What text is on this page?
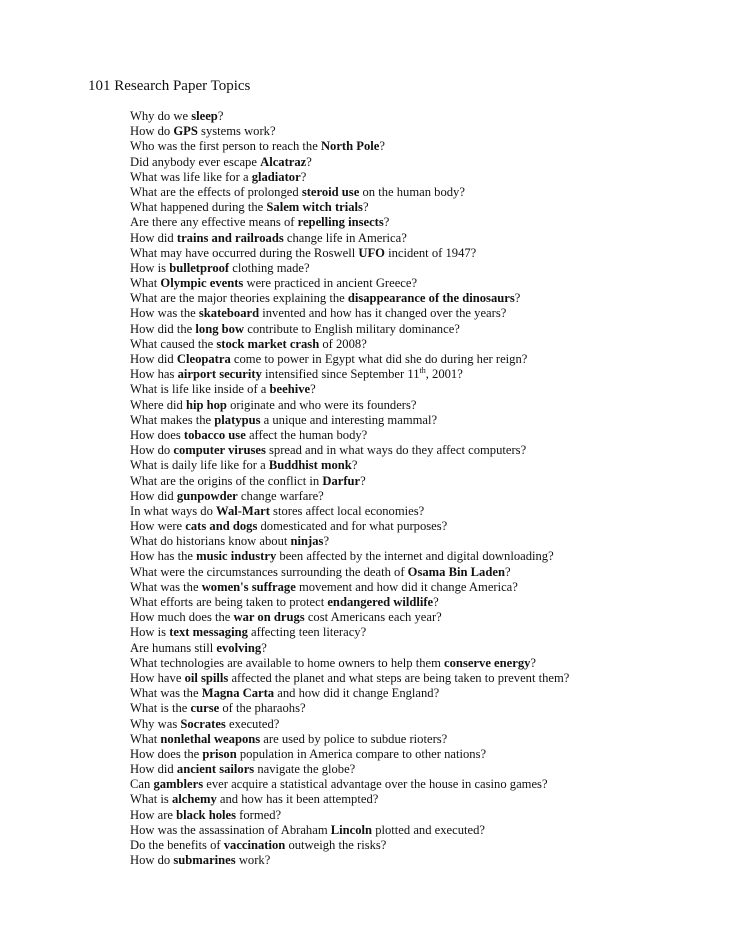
101 Research Paper Topics
Why do we sleep?
How do GPS systems work?
Who was the first person to reach the North Pole?
Did anybody ever escape Alcatraz?
What was life like for a gladiator?
What are the effects of prolonged steroid use on the human body?
What happened during the Salem witch trials?
Are there any effective means of repelling insects?
How did trains and railroads change life in America?
What may have occurred during the Roswell UFO incident of 1947?
How is bulletproof clothing made?
What Olympic events were practiced in ancient Greece?
What are the major theories explaining the disappearance of the dinosaurs?
How was the skateboard invented and how has it changed over the years?
How did the long bow contribute to English military dominance?
What caused the stock market crash of 2008?
How did Cleopatra come to power in Egypt what did she do during her reign?
How has airport security intensified since September 11th, 2001?
What is life like inside of a beehive?
Where did hip hop originate and who were its founders?
What makes the platypus a unique and interesting mammal?
How does tobacco use affect the human body?
How do computer viruses spread and in what ways do they affect computers?
What is daily life like for a Buddhist monk?
What are the origins of the conflict in Darfur?
How did gunpowder change warfare?
In what ways do Wal-Mart stores affect local economies?
How were cats and dogs domesticated and for what purposes?
What do historians know about ninjas?
How has the music industry been affected by the internet and digital downloading?
What were the circumstances surrounding the death of Osama Bin Laden?
What was the women's suffrage movement and how did it change America?
What efforts are being taken to protect endangered wildlife?
How much does the war on drugs cost Americans each year?
How is text messaging affecting teen literacy?
Are humans still evolving?
What technologies are available to home owners to help them conserve energy?
How have oil spills affected the planet and what steps are being taken to prevent them?
What was the Magna Carta and how did it change England?
What is the curse of the pharaohs?
Why was Socrates executed?
What nonlethal weapons are used by police to subdue rioters?
How does the prison population in America compare to other nations?
How did ancient sailors navigate the globe?
Can gamblers ever acquire a statistical advantage over the house in casino games?
What is alchemy and how has it been attempted?
How are black holes formed?
How was the assassination of Abraham Lincoln plotted and executed?
Do the benefits of vaccination outweigh the risks?
How do submarines work?
